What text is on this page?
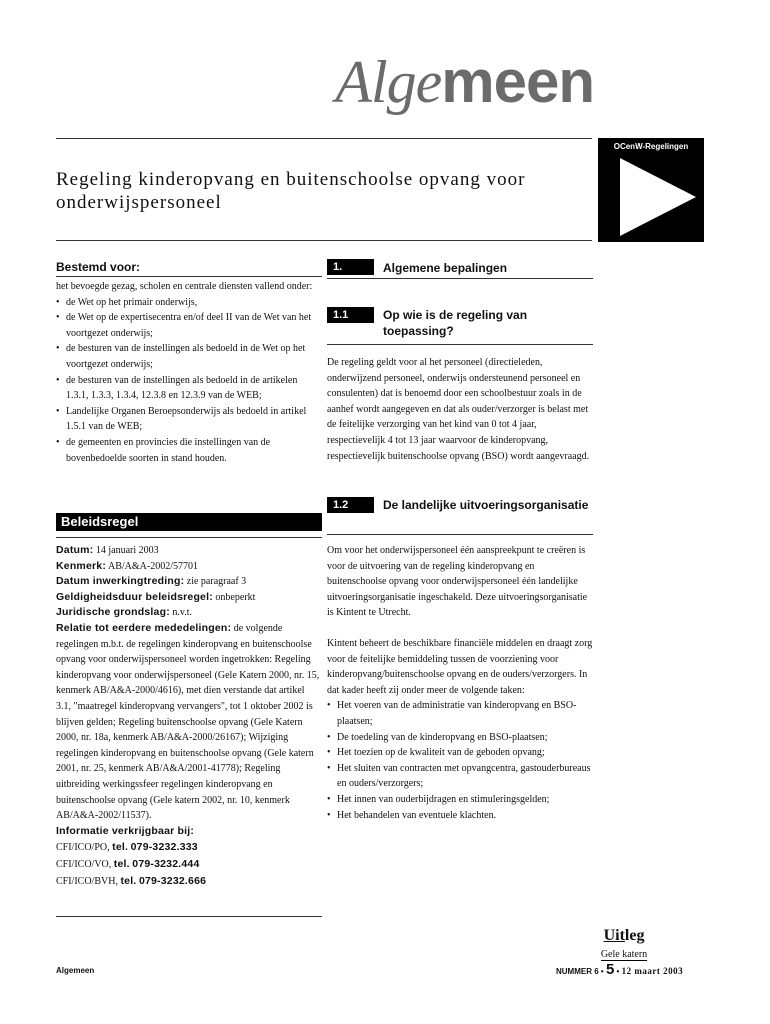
Algemeen
OCenW-Regelingen
Regeling kinderopvang en buitenschoolse opvang voor onderwijspersoneel
Bestemd voor:
het bevoegde gezag, scholen en centrale diensten vallend onder:
• de Wet op het primair onderwijs,
• de Wet op de expertisecentra en/of deel II van de Wet van het voortgezet onderwijs;
• de besturen van de instellingen als bedoeld in de Wet op het voortgezet onderwijs;
• de besturen van de instellingen als bedoeld in de artikelen 1.3.1, 1.3.3, 1.3.4, 12.3.8 en 12.3.9 van de WEB;
• Landelijke Organen Beroepsonderwijs als bedoeld in artikel 1.5.1 van de WEB;
• de gemeenten en provincies die instellingen van de bovenbedoelde soorten in stand houden.
Beleidsregel
Datum: 14 januari 2003
Kenmerk: AB/A&A-2002/57701
Datum inwerkingtreding: zie paragraaf 3
Geldigheidsduur beleidsregel: onbeperkt
Juridische grondslag: n.v.t.
Relatie tot eerdere mededelingen: de volgende regelingen m.b.t. de regelingen kinderopvang en buitenschoolse opvang voor onderwijspersoneel worden ingetrokken: Regeling kinderopvang voor onderwijspersoneel (Gele Katern 2000, nr. 15, kenmerk AB/A&A-2000/4616), met dien verstande dat artikel 3.1, "maatregel kinderopvang vervangers", tot 1 oktober 2002 is blijven gelden; Regeling buitenschoolse opvang (Gele Katern 2000, nr. 18a, kenmerk AB/A&A-2000/26167); Wijziging regelingen kinderopvang en buitenschoolse opvang (Gele katern 2001, nr. 25, kenmerk AB/A&A/2001-41778); Regeling uitbreiding werkingssfeer regelingen kinderopvang en buitenschoolse opvang (Gele katern 2002, nr. 10, kenmerk AB/A&A-2002/11537).
Informatie verkrijgbaar bij:
CFI/ICO/PO, tel. 079-3232.333
CFI/ICO/VO, tel. 079-3232.444
CFI/ICO/BVH, tel. 079-3232.666
1.	Algemene bepalingen
1.1	Op wie is de regeling van toepassing?
De regeling geldt voor al het personeel (directieleden, onderwijzend personeel, onderwijs ondersteunend personeel en consulenten) dat is benoemd door een schoolbestuur zoals in de aanhef wordt aangegeven en dat als ouder/verzorger is belast met de feitelijke verzorging van het kind van 0 tot 4 jaar, respectievelijk 4 tot 13 jaar waarvoor de kinderopvang, respectievelijk buitenschoolse opvang (BSO) wordt aangevraagd.
1.2	De landelijke uitvoeringsorganisatie

Om voor het onderwijspersoneel één aanspreekpunt te creëren is voor de uitvoering van de regeling kinderopvang en buitenschoolse opvang voor onderwijspersoneel één landelijke uitvoeringsorganisatie ingeschakeld. Deze uitvoeringsorganisatie is Kintent te Utrecht.

Kintent beheert de beschikbare financiële middelen en draagt zorg voor de feitelijke bemiddeling tussen de voorziening voor kinderopvang/buitenschoolse opvang en de ouders/verzorgers. In dat kader heeft zij onder meer de volgende taken:

• Het voeren van de administratie van kinderopvang en BSO-plaatsen;
• De toedeling van de kinderopvang en BSO-plaatsen;
• Het toezien op de kwaliteit van de geboden opvang;
• Het sluiten van contracten met opvangcentra, gastouderbureaus en ouders/verzorgers;
• Het innen van ouderbijdragen en stimuleringsgelden;
• Het behandelen van eventuele klachten.
Uitleg
Gele katern
Algemeen	NUMMER 6 • 5 • 12 maart 2003
